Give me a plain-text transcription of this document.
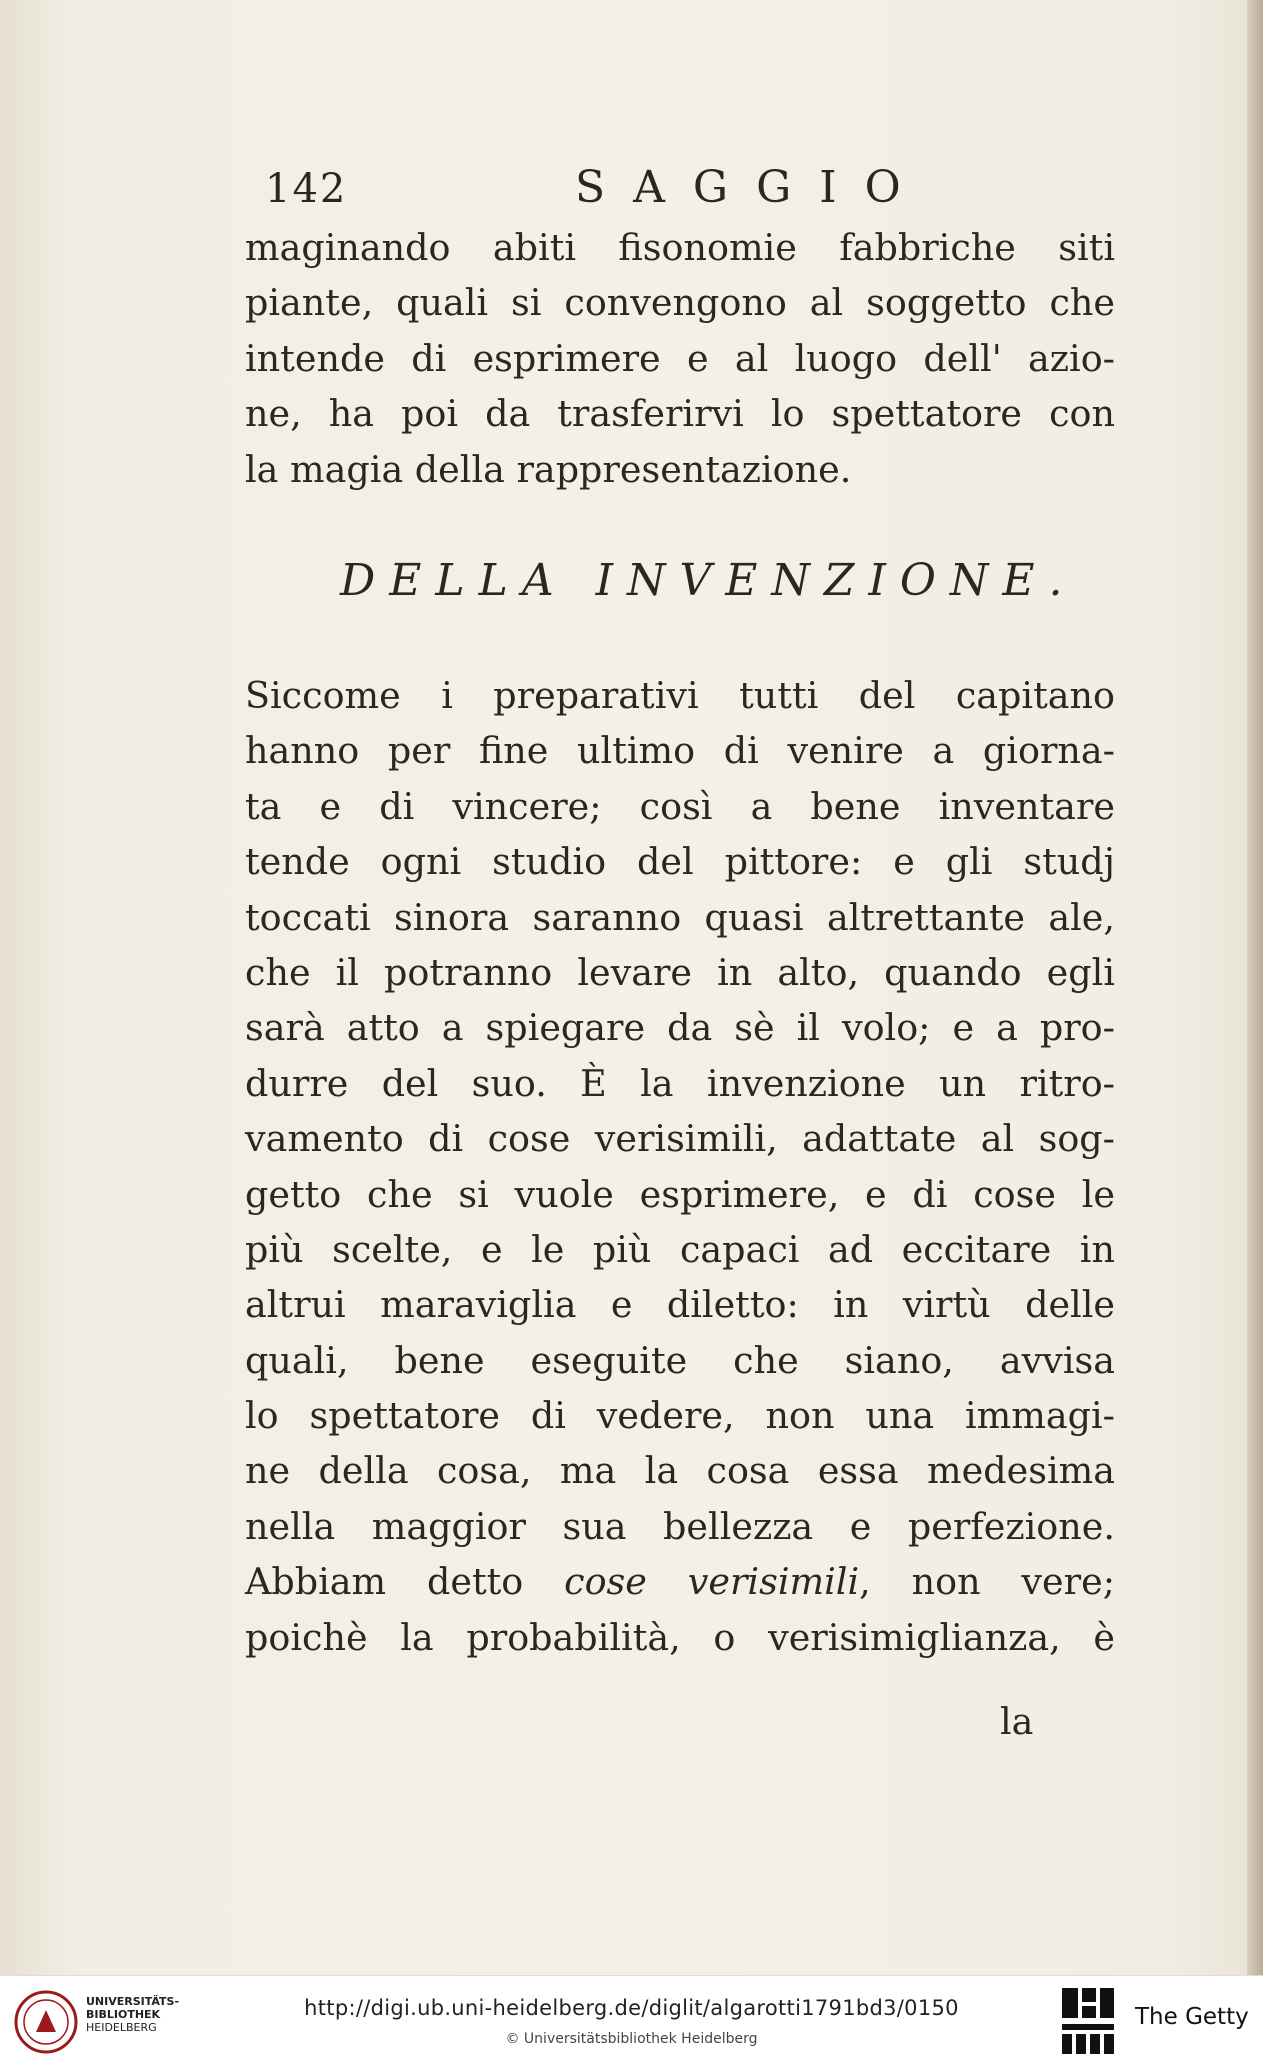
142	SAGGIO
maginando abiti fisonomie fabbriche siti
piante, quali si convengono al soggetto che
intende di esprimere e al luogo dell' azio-
ne, ha poi da trasferirvi lo spettatore con
la magia della rappresentazione.
DELLA INVENZIONE.
Siccome i preparativi tutti del capitano
hanno per fine ultimo di venire a giorna-
ta e di vincere; così a bene inventare
tende ogni studio del pittore: e gli studj
toccati sinora saranno quasi altrettante ale,
che il potranno levare in alto, quando egli
sarà atto a spiegare da sè il volo; e a pro-
durre del suo. È la invenzione un ritro-
vamento di cose verisimili, adattate al sog-
getto che si vuole esprimere, e di cose le
più scelte, e le più capaci ad eccitare in
altrui maraviglia e diletto: in virtù delle
quali, bene eseguite che siano, avvisa
lo spettatore di vedere, non una immagi-
ne della cosa, ma la cosa essa medesima
nella maggior sua bellezza e perfezione.
Abbiam detto cose verisimili, non vere;
poichè la probabilità, o verisimiglianza, è
la
UNIVERSITÄTS-
BIBLIOTHEK
HEIDELBERG
http://digi.ub.uni-heidelberg.de/diglit/algarotti1791bd3/0150
© Universitätsbibliothek Heidelberg
The Getty
